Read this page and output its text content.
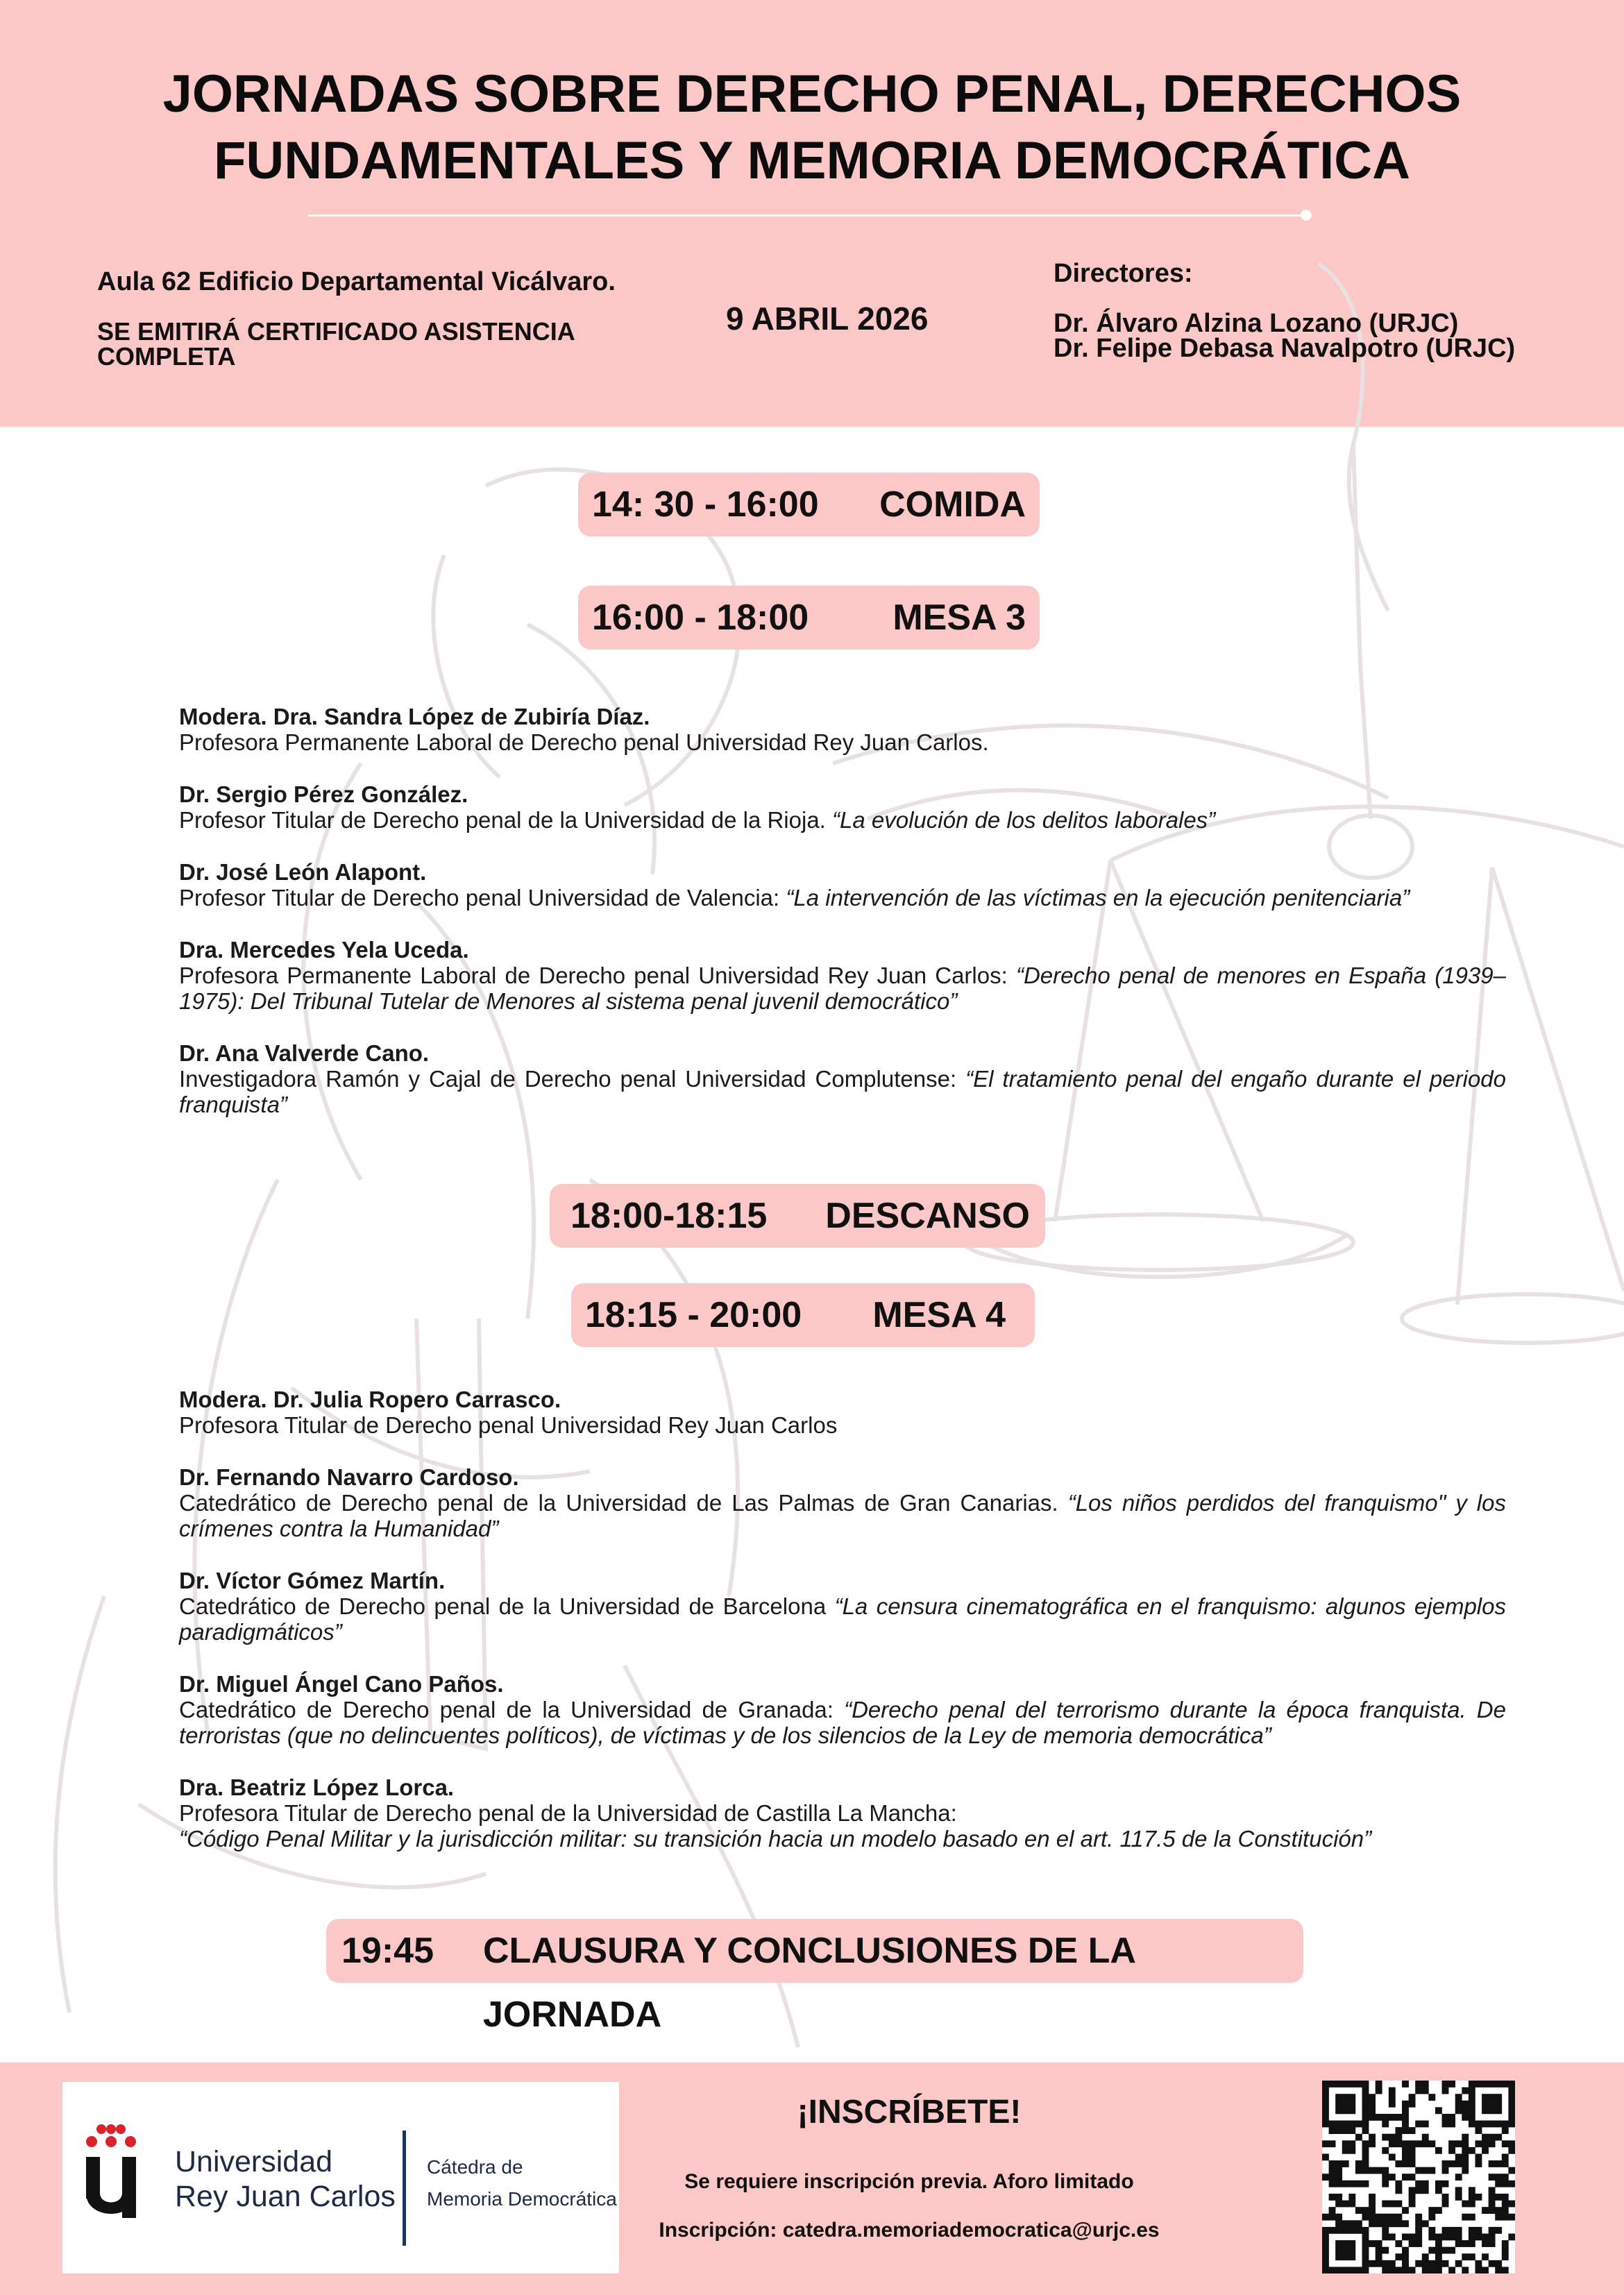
JORNADAS SOBRE DERECHO PENAL, DERECHOS
FUNDAMENTALES Y MEMORIA DEMOCRÁTICA
Aula 62 Edificio Departamental Vicálvaro.
SE EMITIRÁ CERTIFICADO ASISTENCIA
COMPLETA
9 ABRIL 2026
Directores:
Dr. Álvaro Alzina Lozano (URJC)
Dr. Felipe Debasa Navalpotro (URJC)
14: 30 - 16:00 COMIDA
16:00 - 18:00 MESA 3
Modera. Dra. Sandra López de Zubiría Díaz.
Profesora Permanente Laboral de Derecho penal Universidad Rey Juan Carlos.
Dr. Sergio Pérez González.
Profesor Titular de Derecho penal de la Universidad de la Rioja. “La evolución de los delitos laborales”
Dr. José León Alapont.
Profesor Titular de Derecho penal Universidad de Valencia: “La intervención de las víctimas en la ejecución penitenciaria”
Dra. Mercedes Yela Uceda.
Profesora Permanente Laboral de Derecho penal Universidad Rey Juan Carlos: “Derecho penal de menores en España (1939–1975): Del Tribunal Tutelar de Menores al sistema penal juvenil democrático”
Dr. Ana Valverde Cano.
Investigadora Ramón y Cajal de Derecho penal Universidad Complutense: “El tratamiento penal del engaño durante el periodo franquista”
18:00-18:15 DESCANSO
18:15 - 20:00 MESA 4
Modera. Dr. Julia Ropero Carrasco.
Profesora Titular de Derecho penal Universidad Rey Juan Carlos
Dr. Fernando Navarro Cardoso.
Catedrático de Derecho penal de la Universidad de Las Palmas de Gran Canarias. “Los niños perdidos del franquismo" y los crímenes contra la Humanidad”
Dr. Víctor Gómez Martín.
Catedrático de Derecho penal de la Universidad de Barcelona “La censura cinematográfica en el franquismo: algunos ejemplos paradigmáticos”
Dr. Miguel Ángel Cano Paños.
Catedrático de Derecho penal de la Universidad de Granada: “Derecho penal del terrorismo durante la época franquista. De terroristas (que no delincuentes políticos), de víctimas y de los silencios de la Ley de memoria democrática”
Dra. Beatriz López Lorca.
Profesora Titular de Derecho penal de la Universidad de Castilla La Mancha:
“Código Penal Militar y la jurisdicción militar: su transición hacia un modelo basado en el art. 117.5 de la Constitución”
19:45 CLAUSURA Y CONCLUSIONES DE LA JORNADA
Universidad
Rey Juan Carlos
Cátedra de
Memoria Democrática
¡INSCRÍBETE!
Se requiere inscripción previa. Aforo limitado
Inscripción: catedra.memoriademocratica@urjc.es
